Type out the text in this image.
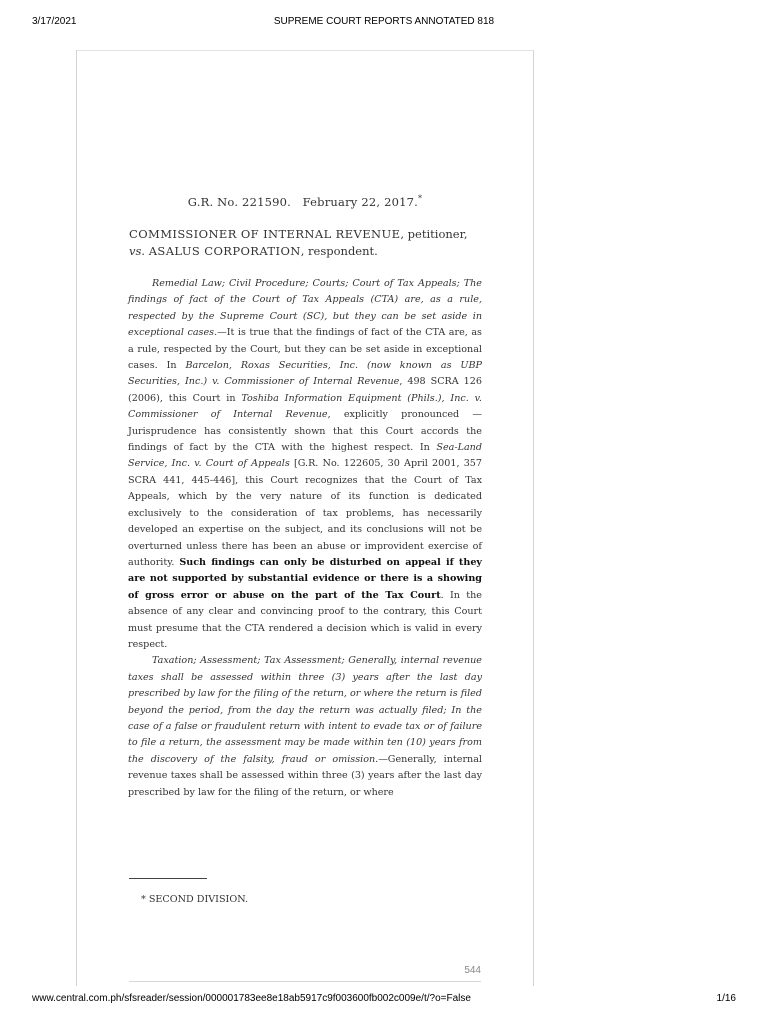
3/17/2021	SUPREME COURT REPORTS ANNOTATED 818
G.R. No. 221590. February 22, 2017.*
COMMISSIONER OF INTERNAL REVENUE, petitioner,
vs. ASALUS CORPORATION, respondent.

Remedial Law; Civil Procedure; Courts; Court of Tax Appeals; The findings of fact of the Court of Tax Appeals (CTA) are, as a rule, respected by the Supreme Court (SC), but they can be set aside in exceptional cases.—It is true that the findings of fact of the CTA are, as a rule, respected by the Court, but they can be set aside in exceptional cases. In Barcelon, Roxas Securities, Inc. (now known as UBP Securities, Inc.) v. Commissioner of Internal Revenue, 498 SCRA 126 (2006), this Court in Toshiba Information Equipment (Phils.), Inc. v. Commissioner of Internal Revenue, explicitly pronounced — Jurisprudence has consistently shown that this Court accords the findings of fact by the CTA with the highest respect. In Sea-Land Service, Inc. v. Court of Appeals [G.R. No. 122605, 30 April 2001, 357 SCRA 441, 445-446], this Court recognizes that the Court of Tax Appeals, which by the very nature of its function is dedicated exclusively to the consideration of tax problems, has necessarily developed an expertise on the subject, and its conclusions will not be overturned unless there has been an abuse or improvident exercise of authority. Such findings can only be disturbed on appeal if they are not supported by substantial evidence or there is a showing of gross error or abuse on the part of the Tax Court. In the absence of any clear and convincing proof to the contrary, this Court must presume that the CTA rendered a decision which is valid in every respect.

Taxation; Assessment; Tax Assessment; Generally, internal revenue taxes shall be assessed within three (3) years after the last day prescribed by law for the filing of the return, or where the return is filed beyond the period, from the day the return was actually filed; In the case of a false or fraudulent return with intent to evade tax or of failure to file a return, the assessment may be made within ten (10) years from the discovery of the falsity, fraud or omission.—Generally, internal revenue taxes shall be assessed within three (3) years after the last day prescribed by law for the filing of the return, or where

* SECOND DIVISION.
544
www.central.com.ph/sfsreader/session/000001783ee8e18ab5917c9f003600fb002c009e/t/?o=False	1/16
